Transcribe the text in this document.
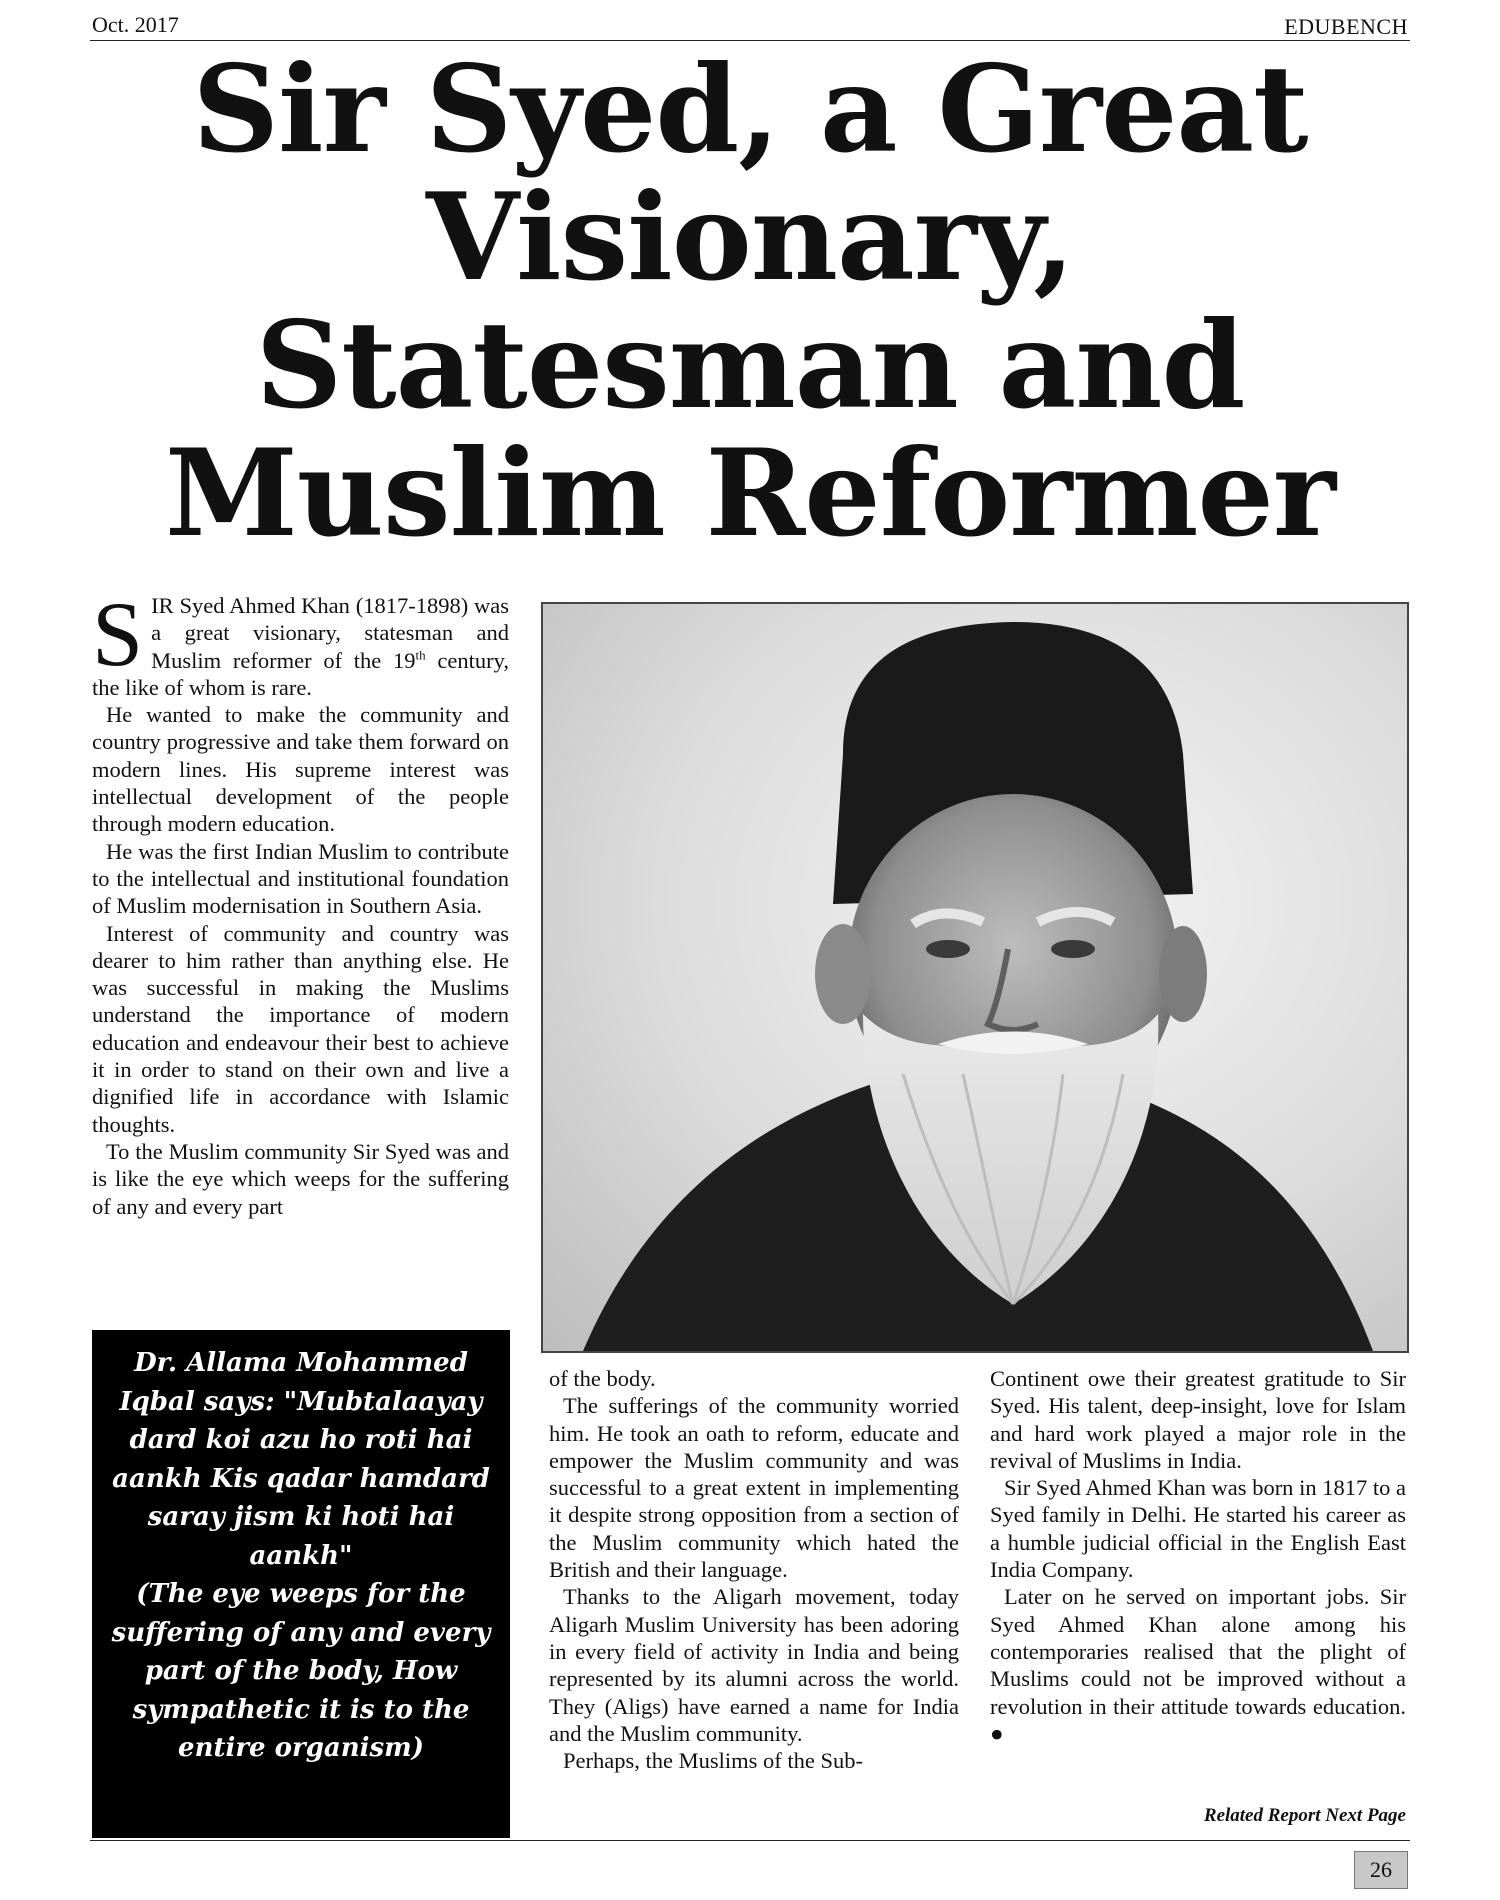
Oct. 2017	EDUBENCH
Sir Syed, a Great
Visionary,
Statesman and
Muslim Reformer

SIR Syed Ahmed Khan (1817-1898) was a great visionary, statesman and Muslim reformer of the 19th century, the like of whom is rare.

He wanted to make the community and country progressive and take them forward on modern lines. His supreme interest was intellectual development of the people through modern education.

He was the first Indian Muslim to contribute to the intellectual and institutional foundation of Muslim modernisation in Southern Asia.

Interest of community and country was dearer to him rather than anything else. He was successful in making the Muslims understand the importance of modern education and endeavour their best to achieve it in order to stand on their own and live a dignified life in accordance with Islamic thoughts.

To the Muslim community Sir Syed was and is like the eye which weeps for the suffering of any and every part

Dr. Allama Mohammed Iqbal says: "Mubtalaayay dard koi azu ho roti hai aankh Kis qadar hamdard saray jism ki hoti hai aankh"

(The eye weeps for the suffering of any and every part of the body, How sympathetic it is to the entire organism)

of the body.

The sufferings of the community worried him. He took an oath to reform, educate and empower the Muslim community and was successful to a great extent in implementing it despite strong opposition from a section of the Muslim community which hated the British and their language.

Thanks to the Aligarh movement, today Aligarh Muslim University has been adoring in every field of activity in India and being represented by its alumni across the world. They (Aligs) have earned a name for India and the Muslim community.

Perhaps, the Muslims of the Sub-

Continent owe their greatest gratitude to Sir Syed. His talent, deep-insight, love for Islam and hard work played a major role in the revival of Muslims in India.

Sir Syed Ahmed Khan was born in 1817 to a Syed family in Delhi. He started his career as a humble judicial official in the English East India Company.

Later on he served on important jobs. Sir Syed Ahmed Khan alone among his contemporaries realised that the plight of Muslims could not be improved without a revolution in their attitude towards education. ●

Related Report Next Page
26
